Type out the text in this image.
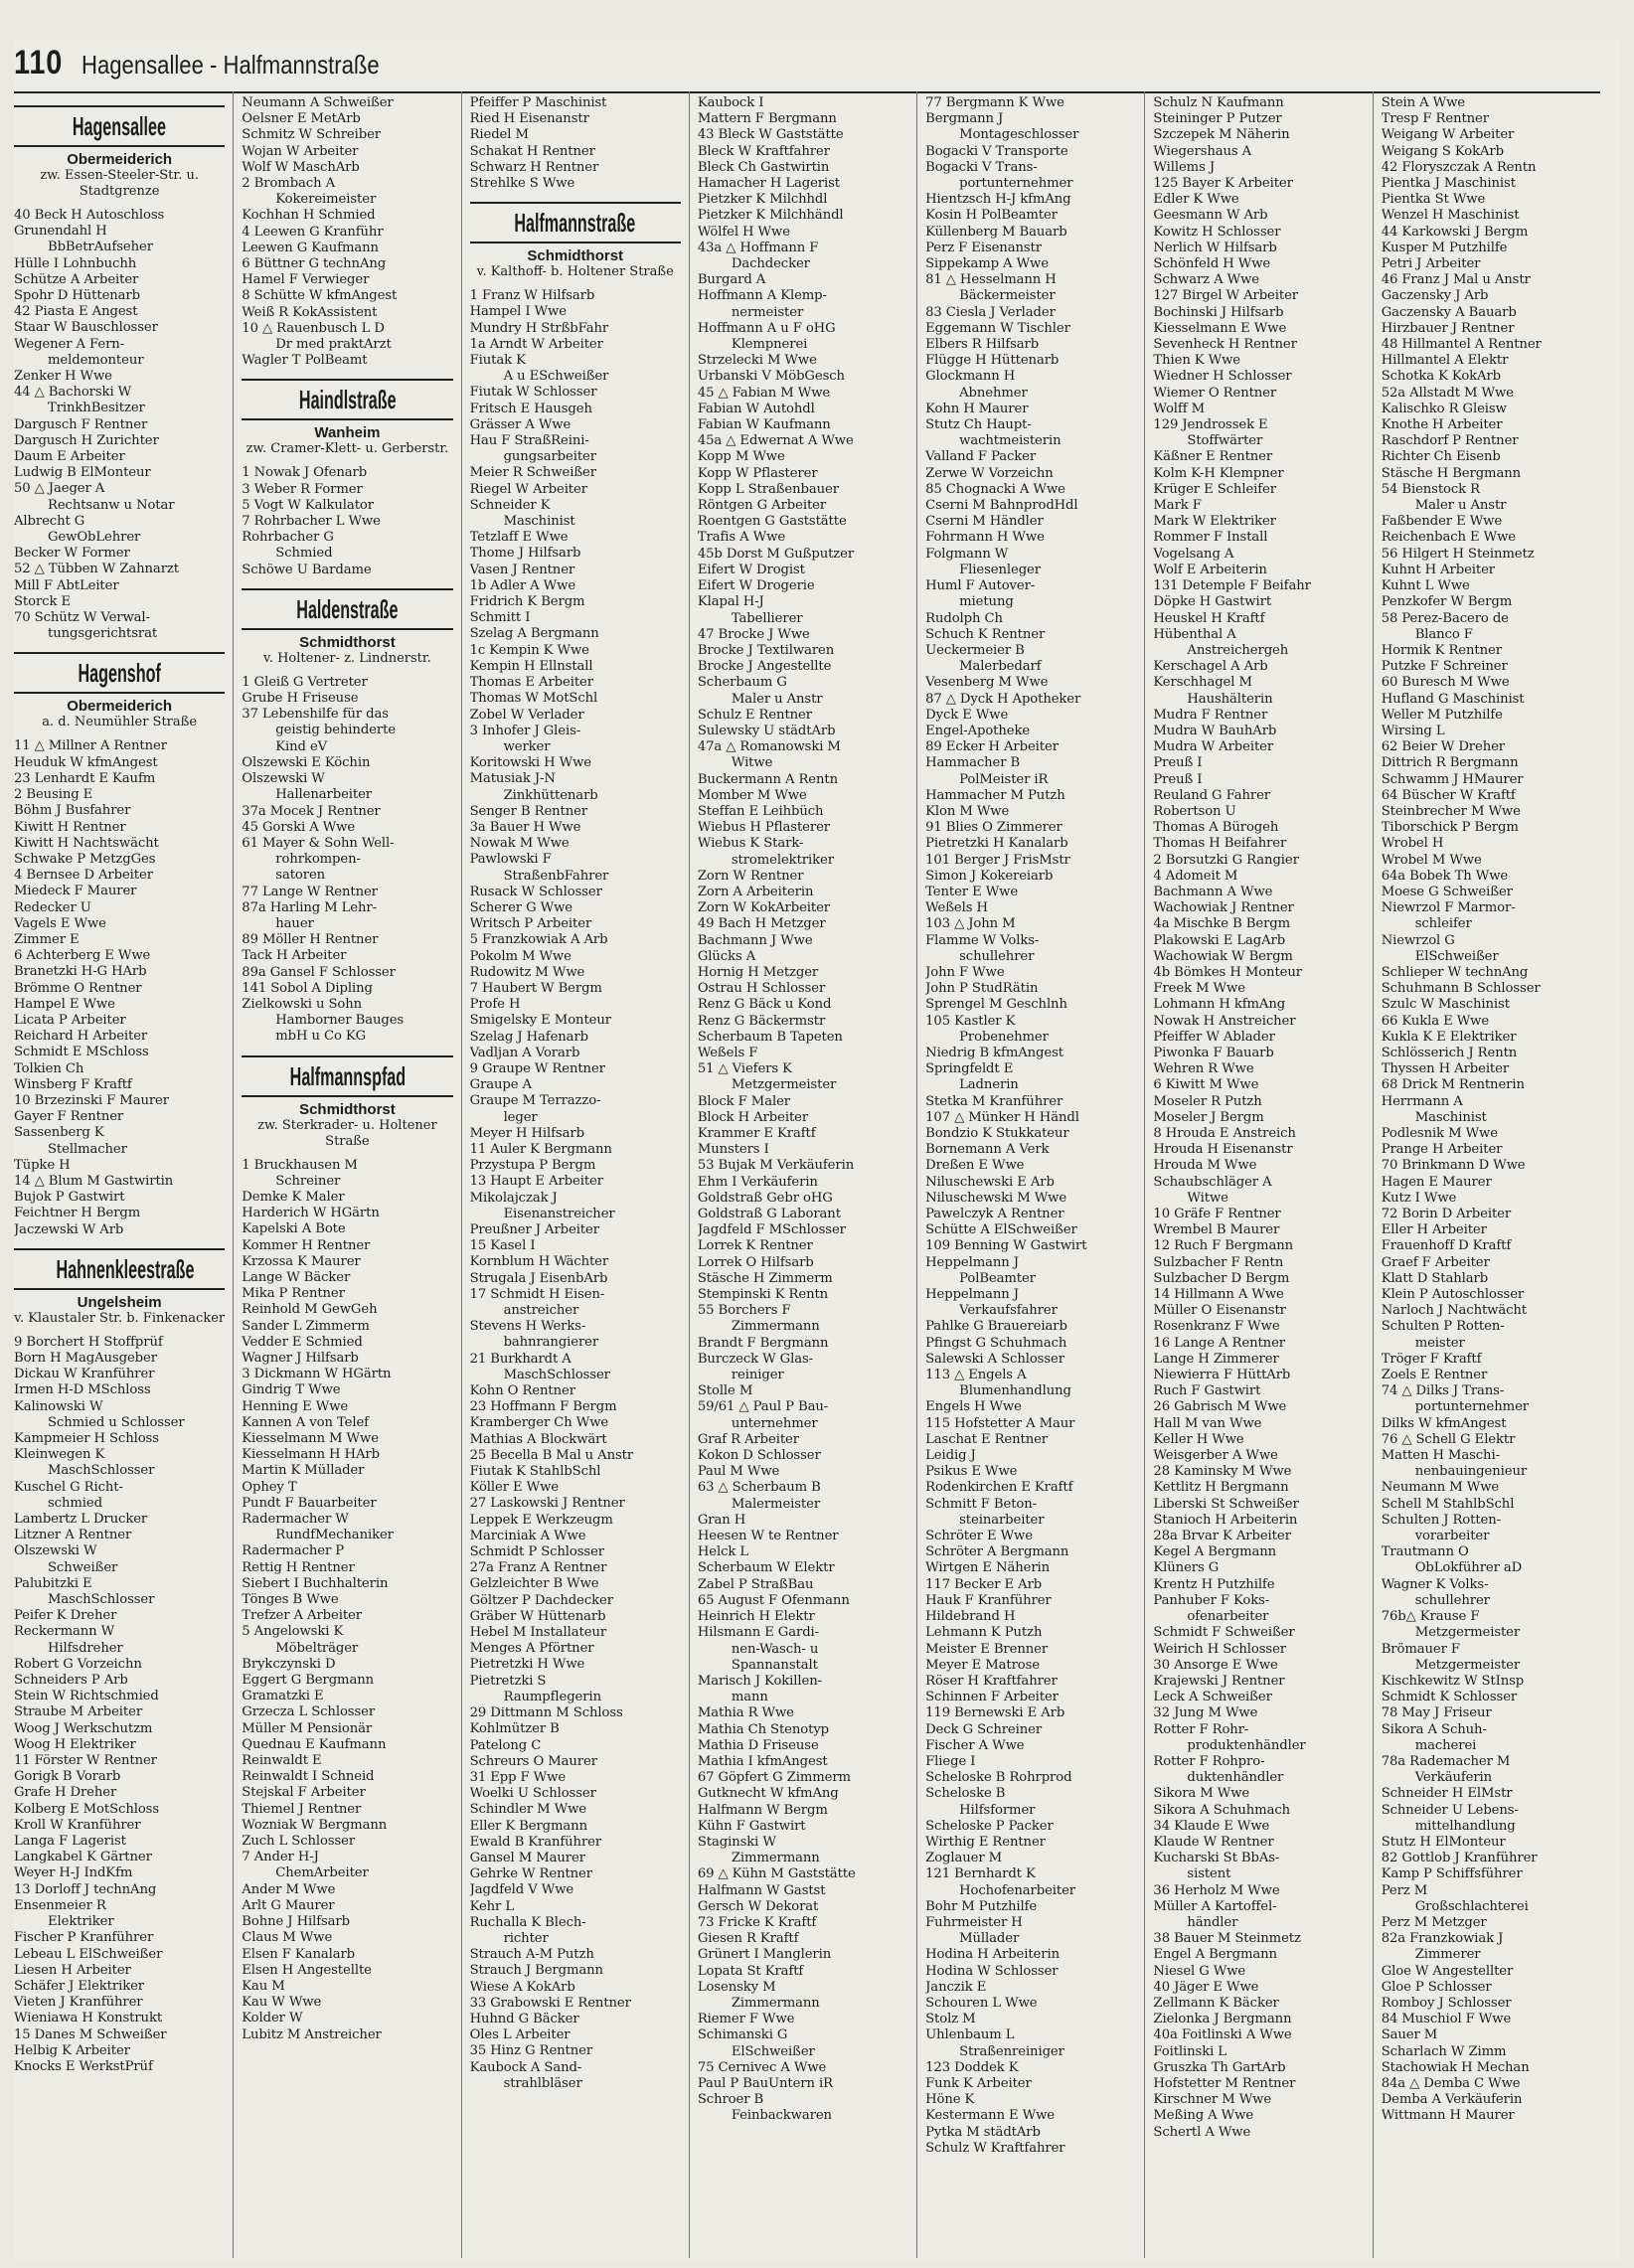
110 Hagensallee - Halfmannstraße
Hagensallee
Obermeiderich
zw. Essen-Steeler-Str. u. Stadtgrenze
40 Beck H Autoschloss
Grunendahl H
BbBetrAufseher
Hülle I Lohnbuchh
Schütze A Arbeiter
Spohr D Hüttenarb
42 Piasta E Angest
Staar W Bauschlosser
Wegener A Fern-
meldemonteur
Zenker H Wwe
44 △ Bachorski W
TrinkhBesitzer
Dargusch F Rentner
Dargusch H Zurichter
Daum E Arbeiter
Ludwig B ElMonteur
50 △ Jaeger A
Rechtsanw u Notar
Albrecht G
GewObLehrer
Becker W Former
52 △ Tübben W Zahnarzt
Mill F AbtLeiter
Storck E
70 Schütz W Verwal-
tungsgerichtsrat
Hagenshof
Obermeiderich
a. d. Neumühler Straße
11 △ Millner A Rentner
Heuduk W kfmAngest
23 Lenhardt E Kaufm
2 Beusing E
Böhm J Busfahrer
Kiwitt H Rentner
Kiwitt H Nachtswächt
Schwake P MetzgGes
4 Bernsee D Arbeiter
Miedeck F Maurer
Redecker U
Vagels E Wwe
Zimmer E
6 Achterberg E Wwe
Branetzki H-G HArb
Brömme O Rentner
Hampel E Wwe
Licata P Arbeiter
Reichard H Arbeiter
Schmidt E MSchloss
Tolkien Ch
Winsberg F Kraftf
10 Brzezinski F Maurer
Gayer F Rentner
Sassenberg K
Stellmacher
Tüpke H
14 △ Blum M Gastwirtin
Bujok P Gastwirt
Feichtner H Bergm
Jaczewski W Arb
Hahnenkleestraße
Ungelsheim
v. Klaustaler Str. b. Finkenacker
9 Borchert H Stoffprüf
Born H MagAusgeber
Dickau W Kranführer
Irmen H-D MSchloss
Kalinowski W
Schmied u Schlosser
Kampmeier H Schloss
Kleinwegen K
MaschSchlosser
Kuschel G Richt-
schmied
Lambertz L Drucker
Litzner A Rentner
Olszewski W
Schweißer
Palubitzki E
MaschSchlosser
Peifer K Dreher
Reckermann W
Hilfsdreher
Robert G Vorzeichn
Schneiders P Arb
Stein W Richtschmied
Straube M Arbeiter
Woog J Werkschutzm
Woog H Elektriker
11 Förster W Rentner
Gorigk B Vorarb
Grafe H Dreher
Kolberg E MotSchloss
Kroll W Kranführer
Langa F Lagerist
Langkabel K Gärtner
Weyer H-J IndKfm
13 Dorloff J technAng
Ensenmeier R
Elektriker
Fischer P Kranführer
Lebeau L ElSchweißer
Liesen H Arbeiter
Schäfer J Elektriker
Vieten J Kranführer
Wieniawa H Konstrukt
15 Danes M Schweißer
Helbig K Arbeiter
Knocks E WerkstPrüf
Neumann A Schweißer
Oelsner E MetArb
Schmitz W Schreiber
Wojan W Arbeiter
Wolf W MaschArb
2 Brombach A
Kokereimeister
Kochhan H Schmied
4 Leewen G Kranführ
Leewen G Kaufmann
6 Büttner G technAng
Hamel F Verwieger
8 Schütte W kfmAngest
Weiß R KokAssistent
10 △ Rauenbusch L D
Dr med praktArzt
Wagler T PolBeamt
Haindlstraße
Wanheim
zw. Cramer-Klett- u. Gerberstr.
1 Nowak J Ofenarb
3 Weber R Former
5 Vogt W Kalkulator
7 Rohrbacher L Wwe
Rohrbacher G
Schmied
Schöwe U Bardame
Haldenstraße
Schmidthorst
v. Holtener- z. Lindnerstr.
1 Gleiß G Vertreter
Grube H Friseuse
37 Lebenshilfe für das
geistig behinderte
Kind eV
Olszewski E Köchin
Olszewski W
Hallenarbeiter
37a Mocek J Rentner
45 Gorski A Wwe
61 Mayer & Sohn Well-
rohrkompen-
satoren
77 Lange W Rentner
87a Harling M Lehr-
hauer
89 Möller H Rentner
Tack H Arbeiter
89a Gansel F Schlosser
141 Sobol A Dipling
Zielkowski u Sohn
Hamborner Bauges
mbH u Co KG
Halfmannspfad
Schmidthorst
zw. Sterkrader- u. Holtener Straße
1 Bruckhausen M
Schreiner
Demke K Maler
Harderich W HGärtn
Kapelski A Bote
Kommer H Rentner
Krzossa K Maurer
Lange W Bäcker
Mika P Rentner
Reinhold M GewGeh
Sander L Zimmerm
Vedder E Schmied
Wagner J Hilfsarb
3 Dickmann W HGärtn
Gindrig T Wwe
Henning E Wwe
Kannen A von Telef
Kiesselmann M Wwe
Kiesselmann H HArb
Martin K Müllader
Ophey T
Pundt F Bauarbeiter
Radermacher W
RundfMechaniker
Radermacher P
Rettig H Rentner
Siebert I Buchhalterin
Tönges B Wwe
Trefzer A Arbeiter
5 Angelowski K
Möbelträger
Brykczynski D
Eggert G Bergmann
Gramatzki E
Grzecza L Schlosser
Müller M Pensionär
Quednau E Kaufmann
Reinwaldt E
Reinwaldt I Schneid
Stejskal F Arbeiter
Thiemel J Rentner
Wozniak W Bergmann
Zuch L Schlosser
7 Ander H-J
ChemArbeiter
Ander M Wwe
Arlt G Maurer
Bohne J Hilfsarb
Claus M Wwe
Elsen F Kanalarb
Elsen H Angestellte
Kau M
Kau W Wwe
Kolder W
Lubitz M Anstreicher
Pfeiffer P Maschinist
Ried H Eisenanstr
Riedel M
Schakat H Rentner
Schwarz H Rentner
Strehlke S Wwe
Halfmannstraße
Schmidthorst
v. Kalthoff- b. Holtener Straße
1 Franz W Hilfsarb
Hampel I Wwe
Mundry H StrßbFahr
1a Arndt W Arbeiter
Fiutak K
A u ESchweißer
Fiutak W Schlosser
Fritsch E Hausgeh
Grässer A Wwe
Hau F StraßReini-
gungsarbeiter
Meier R Schweißer
Riegel W Arbeiter
Schneider K
Maschinist
Tetzlaff E Wwe
Thome J Hilfsarb
Vasen J Rentner
1b Adler A Wwe
Fridrich K Bergm
Schmitt I
Szelag A Bergmann
1c Kempin K Wwe
Kempin H Ellnstall
Thomas E Arbeiter
Thomas W MotSchl
Zobel W Verlader
3 Inhofer J Gleis-
werker
Koritowski H Wwe
Matusiak J-N
Zinkhüttenarb
Senger B Rentner
3a Bauer H Wwe
Nowak M Wwe
Pawlowski F
StraßenbFahrer
Rusack W Schlosser
Scherer G Wwe
Writsch P Arbeiter
5 Franzkowiak A Arb
Pokolm M Wwe
Rudowitz M Wwe
7 Haubert W Bergm
Profe H
Smigelsky E Monteur
Szelag J Hafenarb
Vadljan A Vorarb
9 Graupe W Rentner
Graupe A
Graupe M Terrazzo-
leger
Meyer H Hilfsarb
11 Auler K Bergmann
Przystupa P Bergm
13 Haupt E Arbeiter
Mikolajczak J
Eisenanstreicher
Preußner J Arbeiter
15 Kasel I
Kornblum H Wächter
Strugala J EisenbArb
17 Schmidt H Eisen-
anstreicher
Stevens H Werks-
bahnrangierer
21 Burkhardt A
MaschSchlosser
Kohn O Rentner
23 Hoffmann F Bergm
Kramberger Ch Wwe
Mathias A Blockwärt
25 Becella B Mal u Anstr
Fiutak K StahlbSchl
Köller E Wwe
27 Laskowski J Rentner
Leppek E Werkzeugm
Marciniak A Wwe
Schmidt P Schlosser
27a Franz A Rentner
Gelzleichter B Wwe
Göltzer P Dachdecker
Gräber W Hüttenarb
Hebel M Installateur
Menges A Pförtner
Pietretzki H Wwe
Pietretzki S
Raumpflegerin
29 Dittmann M Schloss
Kohlmützer B
Patelong C
Schreurs O Maurer
31 Epp F Wwe
Woelki U Schlosser
Schindler M Wwe
Eller K Bergmann
Ewald B Kranführer
Gansel M Maurer
Gehrke W Rentner
Jagdfeld V Wwe
Kehr L
Ruchalla K Blech-
richter
Strauch A-M Putzh
Strauch J Bergmann
Wiese A KokArb
33 Grabowski E Rentner
Huhnd G Bäcker
Oles L Arbeiter
35 Hinz G Rentner
Kaubock A Sand-
strahlbläser
Kaubock I
Mattern F Bergmann
43 Bleck W Gaststätte
Bleck W Kraftfahrer
Bleck Ch Gastwirtin
Hamacher H Lagerist
Pietzker K Milchhdl
Pietzker K Milchhändl
Wölfel H Wwe
43a △ Hoffmann F
Dachdecker
Burgard A
Hoffmann A Klemp-
nermeister
Hoffmann A u F oHG
Klempnerei
Strzelecki M Wwe
Urbanski V MöbGesch
45 △ Fabian M Wwe
Fabian W Autohdl
Fabian W Kaufmann
45a △ Edwernat A Wwe
Kopp M Wwe
Kopp W Pflasterer
Kopp L Straßenbauer
Röntgen G Arbeiter
Roentgen G Gaststätte
Trafis A Wwe
45b Dorst M Gußputzer
Eifert W Drogist
Eifert W Drogerie
Klapal H-J
Tabellierer
47 Brocke J Wwe
Brocke J Textilwaren
Brocke J Angestellte
Scherbaum G
Maler u Anstr
Schulz E Rentner
Sulewsky U städtArb
47a △ Romanowski M
Witwe
Buckermann A Rentn
Momber M Wwe
Steffan E Leihbüch
Wiebus H Pflasterer
Wiebus K Stark-
stromelektriker
Zorn W Rentner
Zorn A Arbeiterin
Zorn W KokArbeiter
49 Bach H Metzger
Bachmann J Wwe
Glücks A
Hornig H Metzger
Ostrau H Schlosser
Renz G Bäck u Kond
Renz G Bäckermstr
Scherbaum B Tapeten
Weßels F
51 △ Viefers K
Metzgermeister
Block F Maler
Block H Arbeiter
Krammer E Kraftf
Munsters I
53 Bujak M Verkäuferin
Ehm I Verkäuferin
Goldstraß Gebr oHG
Goldstraß G Laborant
Jagdfeld F MSchlosser
Lorrek K Rentner
Lorrek O Hilfsarb
Stäsche H Zimmerm
Stempinski K Rentn
55 Borchers F
Zimmermann
Brandt F Bergmann
Burczeck W Glas-
reiniger
Stolle M
59/61 △ Paul P Bau-
unternehmer
Graf R Arbeiter
Kokon D Schlosser
Paul M Wwe
63 △ Scherbaum B
Malermeister
Gran H
Heesen W te Rentner
Helck L
Scherbaum W Elektr
Zabel P StraßBau
65 August F Ofenmann
Heinrich H Elektr
Hilsmann E Gardi-
nen-Wasch- u
Spannanstalt
Marisch J Kokillen-
mann
Mathia R Wwe
Mathia Ch Stenotyp
Mathia D Friseuse
Mathia I kfmAngest
67 Göpfert G Zimmerm
Gutknecht W kfmAng
Halfmann W Bergm
Kühn F Gastwirt
Staginski W
Zimmermann
69 △ Kühn M Gaststätte
Halfmann W Gastst
Gersch W Dekorat
73 Fricke K Kraftf
Giesen R Kraftf
Grünert I Manglerin
Lopata St Kraftf
Losensky M
Zimmermann
Riemer F Wwe
Schimanski G
ElSchweißer
75 Cernivec A Wwe
Paul P BauUntern iR
Schroer B
Feinbackwaren
77 Bergmann K Wwe
Bergmann J
Montageschlosser
Bogacki V Transporte
Bogacki V Trans-
portunternehmer
Hientzsch H-J kfmAng
Kosin H PolBeamter
Küllenberg M Bauarb
Perz F Eisenanstr
Sippekamp A Wwe
81 △ Hesselmann H
Bäckermeister
83 Ciesla J Verlader
Eggemann W Tischler
Elbers R Hilfsarb
Flügge H Hüttenarb
Glockmann H
Abnehmer
Kohn H Maurer
Stutz Ch Haupt-
wachtmeisterin
Valland F Packer
Zerwe W Vorzeichn
85 Chognacki A Wwe
Cserni M BahnprodHdl
Cserni M Händler
Fohrmann H Wwe
Folgmann W
Fliesenleger
Huml F Autover-
mietung
Rudolph Ch
Schuch K Rentner
Ueckermeier B
Malerbedarf
Vesenberg M Wwe
87 △ Dyck H Apotheker
Dyck E Wwe
Engel-Apotheke
89 Ecker H Arbeiter
Hammacher B
PolMeister iR
Hammacher M Putzh
Klon M Wwe
91 Blies O Zimmerer
Pietretzki H Kanalarb
101 Berger J FrisMstr
Simon J Kokereiarb
Tenter E Wwe
Weßels H
103 △ John M
Flamme W Volks-
schullehrer
John F Wwe
John P StudRätin
Sprengel M Geschlnh
105 Kastler K
Probenehmer
Niedrig B kfmAngest
Springfeldt E
Ladnerin
Stetka M Kranführer
107 △ Münker H Händl
Bondzio K Stukkateur
Bornemann A Verk
Dreßen E Wwe
Niluschewski E Arb
Niluschewski M Wwe
Pawelczyk A Rentner
Schütte A ElSchweißer
109 Benning W Gastwirt
Heppelmann J
PolBeamter
Heppelmann J
Verkaufsfahrer
Pahlke G Brauereiarb
Pfingst G Schuhmach
Salewski A Schlosser
113 △ Engels A
Blumenhandlung
Engels H Wwe
115 Hofstetter A Maur
Laschat E Rentner
Leidig J
Psikus E Wwe
Rodenkirchen E Kraftf
Schmitt F Beton-
steinarbeiter
Schröter E Wwe
Schröter A Bergmann
Wirtgen E Näherin
117 Becker E Arb
Hauk F Kranführer
Hildebrand H
Lehmann K Putzh
Meister E Brenner
Meyer E Matrose
Röser H Kraftfahrer
Schinnen F Arbeiter
119 Bernewski E Arb
Deck G Schreiner
Fischer A Wwe
Fliege I
Scheloske B Rohrprod
Scheloske B
Hilfsformer
Scheloske P Packer
Wirthig E Rentner
Zoglauer M
121 Bernhardt K
Hochofenarbeiter
Bohr M Putzhilfe
Fuhrmeister H
Müllader
Hodina H Arbeiterin
Hodina W Schlosser
Janczik E
Schouren L Wwe
Stolz M
Uhlenbaum L
Straßenreiniger
123 Doddek K
Funk K Arbeiter
Höne K
Kestermann E Wwe
Pytka M städtArb
Schulz W Kraftfahrer
Schulz N Kaufmann
Steininger P Putzer
Szczepek M Näherin
Wiegershaus A
Willems J
125 Bayer K Arbeiter
Edler K Wwe
Geesmann W Arb
Kowitz H Schlosser
Nerlich W Hilfsarb
Schönfeld H Wwe
Schwarz A Wwe
127 Birgel W Arbeiter
Bochinski J Hilfsarb
Kiesselmann E Wwe
Sevenheck H Rentner
Thien K Wwe
Wiedner H Schlosser
Wiemer O Rentner
Wolff M
129 Jendrossek E
Stoffwärter
Käßner E Rentner
Kolm K-H Klempner
Krüger E Schleifer
Mark F
Mark W Elektriker
Rommer F Install
Vogelsang A
Wolf E Arbeiterin
131 Detemple F Beifahr
Döpke H Gastwirt
Heuskel H Kraftf
Hübenthal A
Anstreichergeh
Kerschagel A Arb
Kerschhagel M
Haushälterin
Mudra F Rentner
Mudra W BauhArb
Mudra W Arbeiter
Preuß I
Preuß I
Reuland G Fahrer
Robertson U
Thomas A Bürogeh
Thomas H Beifahrer
2 Borsutzki G Rangier
4 Adomeit M
Bachmann A Wwe
Wachowiak J Rentner
4a Mischke B Bergm
Plakowski E LagArb
Wachowiak W Bergm
4b Bömkes H Monteur
Freek M Wwe
Lohmann H kfmAng
Nowak H Anstreicher
Pfeiffer W Ablader
Piwonka F Bauarb
Wehren R Wwe
6 Kiwitt M Wwe
Moseler R Putzh
Moseler J Bergm
8 Hrouda E Anstreich
Hrouda H Eisenanstr
Hrouda M Wwe
Schaubschläger A
Witwe
10 Gräfe F Rentner
Wrembel B Maurer
12 Ruch F Bergmann
Sulzbacher F Rentn
Sulzbacher D Bergm
14 Hillmann A Wwe
Müller O Eisenanstr
Rosenkranz F Wwe
16 Lange A Rentner
Lange H Zimmerer
Niewierra F HüttArb
Ruch F Gastwirt
26 Gabrisch M Wwe
Hall M van Wwe
Keller H Wwe
Weisgerber A Wwe
28 Kaminsky M Wwe
Kettlitz H Bergmann
Liberski St Schweißer
Stanioch H Arbeiterin
28a Brvar K Arbeiter
Kegel A Bergmann
Klüners G
Krentz H Putzhilfe
Panhuber F Koks-
ofenarbeiter
Schmidt F Schweißer
Weirich H Schlosser
30 Ansorge E Wwe
Krajewski J Rentner
Leck A Schweißer
32 Jung M Wwe
Rotter F Rohr-
produktenhändler
Rotter F Rohpro-
duktenhändler
Sikora M Wwe
Sikora A Schuhmach
34 Klaude E Wwe
Klaude W Rentner
Kucharski St BbAs-
sistent
36 Herholz M Wwe
Müller A Kartoffel-
händler
38 Bauer M Steinmetz
Engel A Bergmann
Niesel G Wwe
40 Jäger E Wwe
Zellmann K Bäcker
Zielonka J Bergmann
40a Foitlinski A Wwe
Foitlinski L
Gruszka Th GartArb
Hofstetter M Rentner
Kirschner M Wwe
Meßing A Wwe
Schertl A Wwe
Stein A Wwe
Tresp F Rentner
Weigang W Arbeiter
Weigang S KokArb
42 Floryszczak A Rentn
Pientka J Maschinist
Pientka St Wwe
Wenzel H Maschinist
44 Karkowski J Bergm
Kusper M Putzhilfe
Petri J Arbeiter
46 Franz J Mal u Anstr
Gaczensky J Arb
Gaczensky A Bauarb
Hirzbauer J Rentner
48 Hillmantel A Rentner
Hillmantel A Elektr
Schotka K KokArb
52a Allstadt M Wwe
Kalischko R Gleisw
Knothe H Arbeiter
Raschdorf P Rentner
Richter Ch Eisenb
Stäsche H Bergmann
54 Bienstock R
Maler u Anstr
Faßbender E Wwe
Reichenbach E Wwe
56 Hilgert H Steinmetz
Kuhnt H Arbeiter
Kuhnt L Wwe
Penzkofer W Bergm
58 Perez-Bacero de
Blanco F
Hormik K Rentner
Putzke F Schreiner
60 Buresch M Wwe
Hufland G Maschinist
Weller M Putzhilfe
Wirsing L
62 Beier W Dreher
Dittrich R Bergmann
Schwamm J HMaurer
64 Büscher W Kraftf
Steinbrecher M Wwe
Tiborschick P Bergm
Wrobel H
Wrobel M Wwe
64a Bobek Th Wwe
Moese G Schweißer
Niewrzol F Marmor-
schleifer
Niewrzol G
ElSchweißer
Schlieper W technAng
Schuhmann B Schlosser
Szulc W Maschinist
66 Kukla E Wwe
Kukla K E Elektriker
Schlösserich J Rentn
Thyssen H Arbeiter
68 Drick M Rentnerin
Herrmann A
Maschinist
Podlesnik M Wwe
Prange H Arbeiter
70 Brinkmann D Wwe
Hagen E Maurer
Kutz I Wwe
72 Borin D Arbeiter
Eller H Arbeiter
Frauenhoff D Kraftf
Graef F Arbeiter
Klatt D Stahlarb
Klein P Autoschlosser
Narloch J Nachtwächt
Schulten P Rotten-
meister
Tröger F Kraftf
Zoels E Rentner
74 △ Dilks J Trans-
portunternehmer
Dilks W kfmAngest
76 △ Schell G Elektr
Matten H Maschi-
nenbauingenieur
Neumann M Wwe
Schell M StahlbSchl
Schulten J Rotten-
vorarbeiter
Trautmann O
ObLokführer aD
Wagner K Volks-
schullehrer
76b△ Krause F
Metzgermeister
Brömauer F
Metzgermeister
Kischkewitz W StInsp
Schmidt K Schlosser
78 May J Friseur
Sikora A Schuh-
macherei
78a Rademacher M
Verkäuferin
Schneider H ElMstr
Schneider U Lebens-
mittelhandlung
Stutz H ElMonteur
82 Gottlob J Kranführer
Kamp P Schiffsführer
Perz M
Großschlachterei
Perz M Metzger
82a Franzkowiak J
Zimmerer
Gloe W Angestellter
Gloe P Schlosser
Romboy J Schlosser
84 Muschiol F Wwe
Sauer M
Scharlach W Zimm
Stachowiak H Mechan
84a △ Demba C Wwe
Demba A Verkäuferin
Wittmann H Maurer
